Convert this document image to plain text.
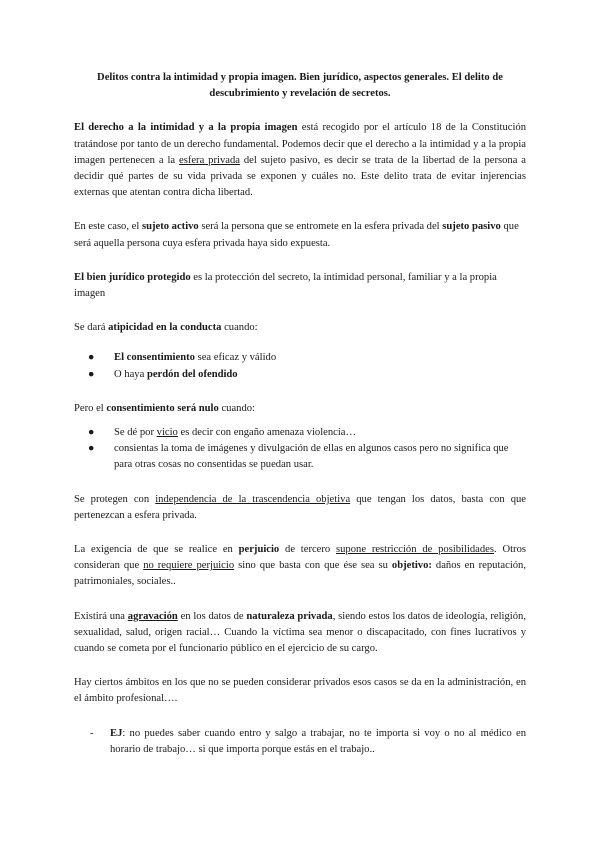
Delitos contra la intimidad y propia imagen. Bien jurídico, aspectos generales. El delito de descubrimiento y revelación de secretos.

El derecho a la intimidad y a la propia imagen está recogido por el artículo 18 de la Constitución tratándose por tanto de un derecho fundamental. Podemos decir que el derecho a la intimidad y a la propia imagen pertenecen a la esfera privada del sujeto pasivo, es decir se trata de la libertad de la persona a decidir qué partes de su vida privada se exponen y cuáles no. Este delito trata de evitar injerencias externas que atentan contra dicha libertad.

En este caso, el sujeto activo será la persona que se entromete en la esfera privada del sujeto pasivo que será aquella persona cuya esfera privada haya sido expuesta.

El bien jurídico protegido es la protección del secreto, la intimidad personal, familiar y a la propia imagen

Se dará atipicidad en la conducta cuando:

● El consentimiento sea eficaz y válido
● O haya perdón del ofendido

Pero el consentimiento será nulo cuando:

● Se dé por vicio es decir con engaño amenaza violencia…
● consientas la toma de imágenes y divulgación de ellas en algunos casos pero no significa que para otras cosas no consentidas se puedan usar.

Se protegen con independencia de la trascendencia objetiva que tengan los datos, basta con que pertenezcan a esfera privada.

La exigencia de que se realice en perjuicio de tercero supone restricción de posibilidades. Otros consideran que no requiere perjuicio sino que basta con que ése sea su objetivo: daños en reputación, patrimoniales, sociales..

Existirá una agravación en los datos de naturaleza privada, siendo estos los datos de ideología, religión, sexualidad, salud, origen racial… Cuando la víctima sea menor o discapacitado, con fines lucrativos y cuando se cometa por el funcionario público en el ejercicio de su cargo.

Hay ciertos ámbitos en los que no se pueden considerar privados esos casos se da en la administración, en el ámbito profesional….

- EJ: no puedes saber cuando entro y salgo a trabajar, no te importa si voy o no al médico en horario de trabajo… si que importa porque estás en el trabajo..
